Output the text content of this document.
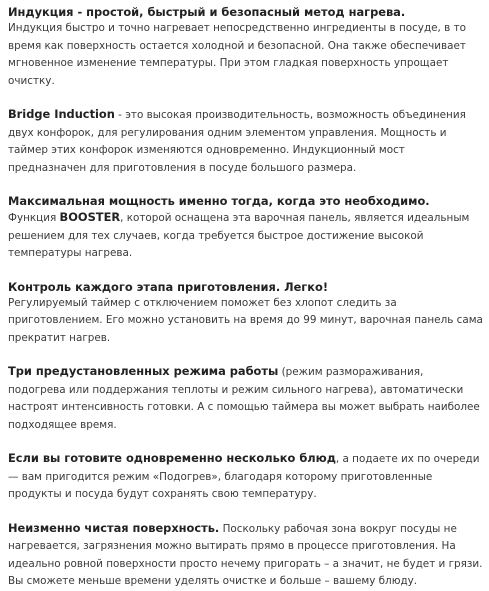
Индукция - простой, быстрый и безопасный метод нагрева.

Индукция быстро и точно нагревает непосредственно ингредиенты в посуде, в то время как поверхность остается холодной и безопасной. Она также обеспечивает мгновенное изменение температуры. При этом гладкая поверхность упрощает очистку.

Bridge Induction - это высокая производительность, возможность объединения двух конфорок, для регулирования одним элементом управления. Мощность и таймер этих конфорок изменяются одновременно. Индукционный мост предназначен для приготовления в посуде большого размера.

Максимальная мощность именно тогда, когда это необходимо.

Функция BOOSTER, которой оснащена эта варочная панель, является идеальным решением для тех случаев, когда требуется быстрое достижение высокой температуры нагрева.

Контроль каждого этапа приготовления. Легко!

Регулируемый таймер с отключением поможет без хлопот следить за приготовлением. Его можно установить на время до 99 минут, варочная панель сама прекратит нагрев.

Три предустановленных режима работы (режим размораживания, подогрева или поддержания теплоты и режим сильного нагрева), автоматически настроят интенсивность готовки. А с помощью таймера вы может выбрать наиболее подходящее время.

Если вы готовите одновременно несколько блюд, а подаете их по очереди — вам пригодится режим «Подогрев», благодаря которому приготовленные продукты и посуда будут сохранять свою температуру.

Неизменно чистая поверхность. Поскольку рабочая зона вокруг посуды не нагревается, загрязнения можно вытирать прямо в процессе приготовления. На идеально ровной поверхности просто нечему пригорать – а значит, не будет и грязи. Вы сможете меньше времени уделять очистке и больше – вашему блюду.
